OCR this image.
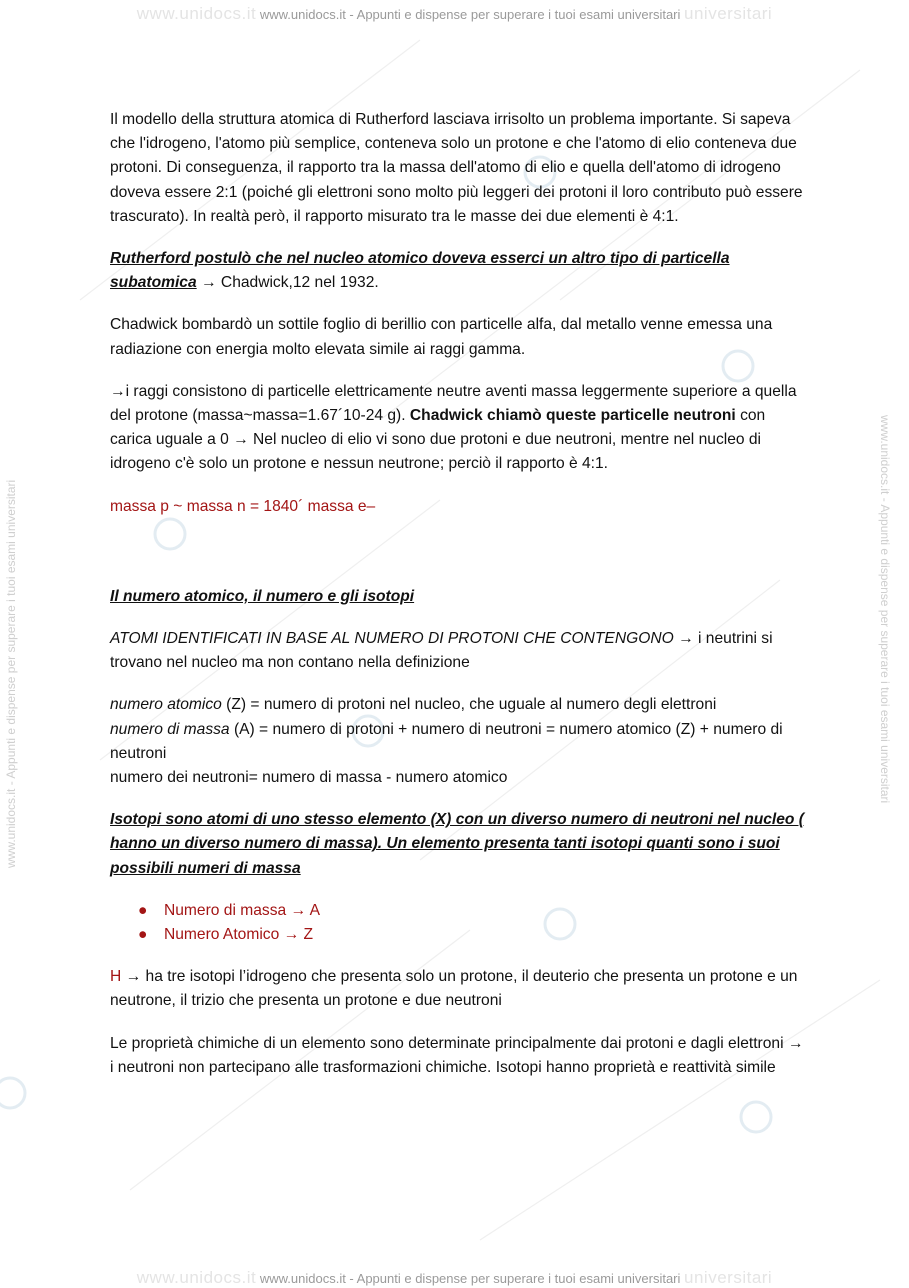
www.unidocs.it www.unidocs.it - Appunti e dispense per superare i tuoi esami universitari universitari
www.unidocs.it www.unidocs.it - Appunti e dispense per superare i tuoi esami universitari universitari
www.unidocs.it - Appunti e dispense per superare i tuoi esami universitari	www.unidocs.it - Appunti e dispense per superare i tuoi esami universitari

Il modello della struttura atomica di Rutherford lasciava irrisolto un problema importante. Si sapeva che l'idrogeno, l'atomo più semplice, conteneva solo un protone e che l'atomo di elio conteneva due protoni. Di conseguenza, il rapporto tra la massa dell'atomo di elio e quella dell'atomo di idrogeno doveva essere 2:1 (poiché gli elettroni sono molto più leggeri dei protoni il loro contributo può essere trascurato). In realtà però, il rapporto misurato tra le masse dei due elementi è 4:1.

Rutherford postulò che nel nucleo atomico doveva esserci un altro tipo di particella subatomica → Chadwick,12 nel 1932.

Chadwick bombardò un sottile foglio di berillio con particelle alfa, dal metallo venne emessa una radiazione con energia molto elevata simile ai raggi gamma.

→i raggi consistono di particelle elettricamente neutre aventi massa leggermente superiore a quella del protone (massa~massa=1.67´10-24 g). Chadwick chiamò queste particelle neutroni con carica uguale a 0 → Nel nucleo di elio vi sono due protoni e due neutroni, mentre nel nucleo di idrogeno c'è solo un protone e nessun neutrone; perciò il rapporto è 4:1.

massa p ~ massa n = 1840´ massa e–

Il numero atomico, il numero e gli isotopi

ATOMI IDENTIFICATI IN BASE AL NUMERO DI PROTONI CHE CONTENGONO → i neutrini si trovano nel nucleo ma non contano nella definizione

numero atomico (Z) = numero di protoni nel nucleo, che uguale al numero degli elettroni
numero di massa (A) = numero di protoni + numero di neutroni = numero atomico (Z) + numero di neutroni
numero dei neutroni= numero di massa - numero atomico

Isotopi sono atomi di uno stesso elemento (X) con un diverso numero di neutroni nel nucleo ( hanno un diverso numero di massa). Un elemento presenta tanti isotopi quanti sono i suoi possibili numeri di massa

● Numero di massa → A
● Numero Atomico → Z

H → ha tre isotopi l’idrogeno che presenta solo un protone, il deuterio che presenta un protone e un neutrone, il trizio che presenta un protone e due neutroni

Le proprietà chimiche di un elemento sono determinate principalmente dai protoni e dagli elettroni → i neutroni non partecipano alle trasformazioni chimiche. Isotopi hanno proprietà e reattività simile
